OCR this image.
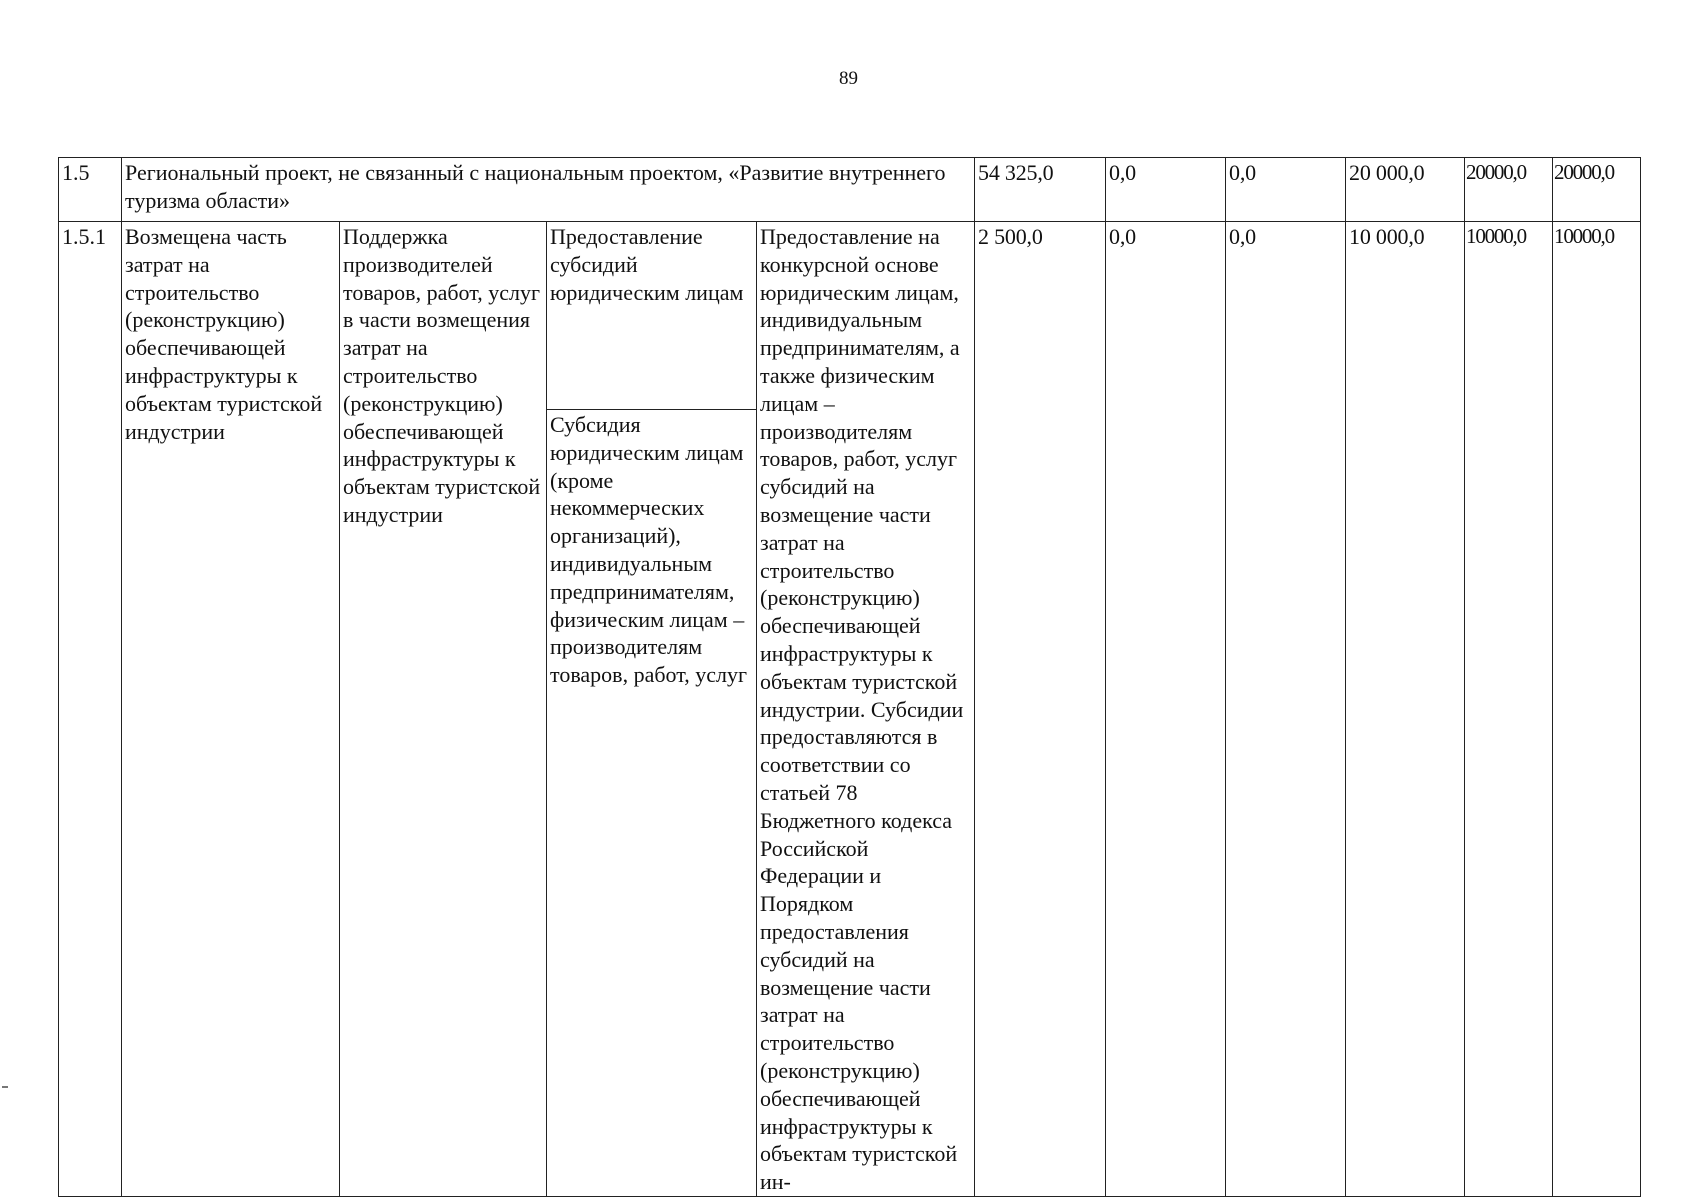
89
1.5	Региональный проект, не связанный с национальным проектом, «Развитие внутреннего туризма области»				54 325,0	0,0	0,0	20 000,0	20000,0	20000,0
1.5.1	Возмещена часть затрат на строительство (реконструкцию) обеспечивающей инфраструктуры к объектам туристской индустрии	Поддержка производителей товаров, работ, услуг в части возмещения затрат на строительство (реконструкцию) обеспечивающей инфраструктуры к объектам туристской индустрии	Предоставление субсидий юридическим лицам	Предоставление на конкурсной основе юридическим лицам, индивидуальным предпринимателям, а также физическим лицам – производителям товаров, работ, услуг субсидий на возмещение части затрат на строительство (реконструкцию) обеспечивающей инфраструктуры к объектам туристской индустрии. Субсидии предоставляются в соответствии со статьей 78 Бюджетного кодекса Российской Федерации и Порядком предоставления субсидий на возмещение части затрат на строительство (реконструкцию) обеспечивающей инфраструктуры к объектам туристской ин-	2 500,0	0,0	0,0	10 000,0	10000,0	10000,0
			Субсидия юридическим лицам (кроме некоммерческих организаций), индивидуальным предпринимателям, физическим лицам – производителям товаров, работ, услуг							
